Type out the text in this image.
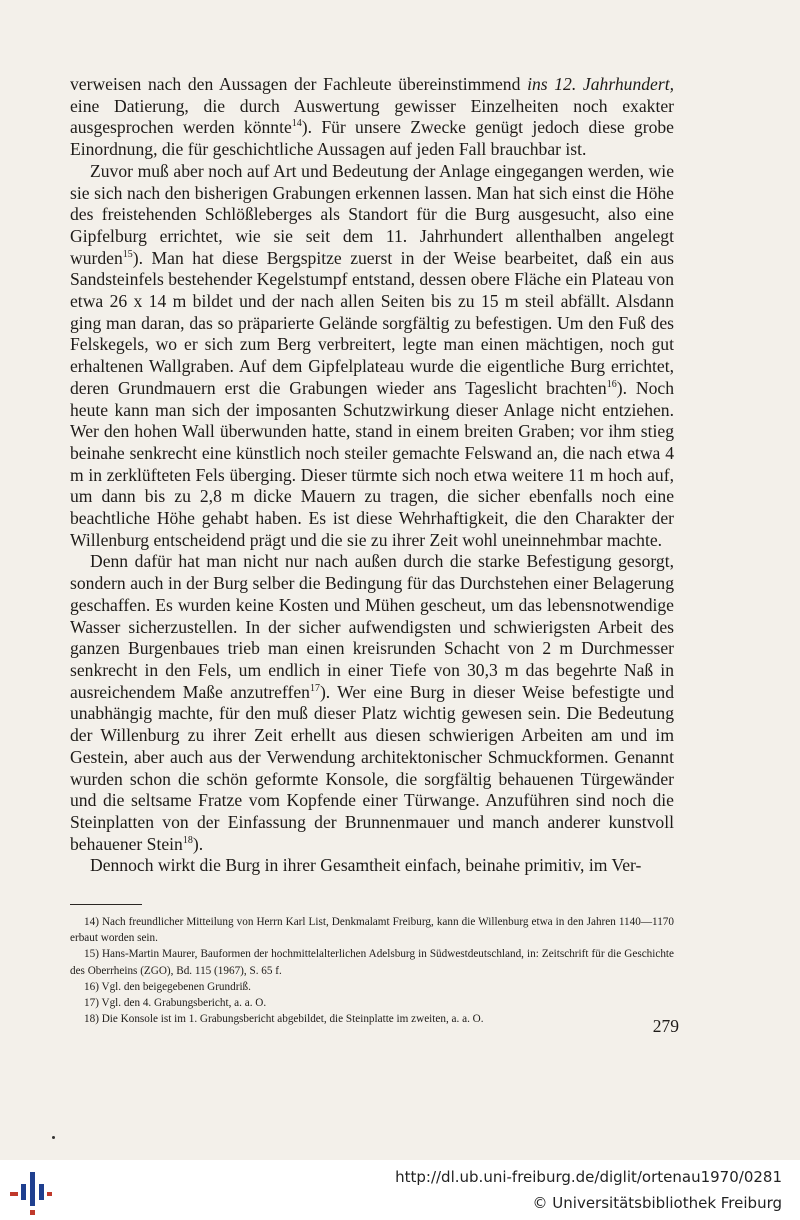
verweisen nach den Aussagen der Fachleute übereinstimmend ins 12. Jahrhundert, eine Datierung, die durch Auswertung gewisser Einzelheiten noch exakter ausgesprochen werden könnte$^{14}$). Für unsere Zwecke genügt jedoch diese grobe Einordnung, die für geschichtliche Aussagen auf jeden Fall brauchbar ist.

Zuvor muß aber noch auf Art und Bedeutung der Anlage eingegangen werden, wie sie sich nach den bisherigen Grabungen erkennen lassen. Man hat sich einst die Höhe des freistehenden Schlößleberges als Standort für die Burg ausgesucht, also eine Gipfelburg errichtet, wie sie seit dem 11. Jahrhundert allenthalben angelegt wurden$^{15}$). Man hat diese Bergspitze zuerst in der Weise bearbeitet, daß ein aus Sandsteinfels bestehender Kegelstumpf entstand, dessen obere Fläche ein Plateau von etwa 26 x 14 m bildet und der nach allen Seiten bis zu 15 m steil abfällt. Alsdann ging man daran, das so präparierte Gelände sorgfältig zu befestigen. Um den Fuß des Felskegels, wo er sich zum Berg verbreitert, legte man einen mächtigen, noch gut erhaltenen Wallgraben. Auf dem Gipfelplateau wurde die eigentliche Burg errichtet, deren Grundmauern erst die Grabungen wieder ans Tageslicht brachten$^{16}$). Noch heute kann man sich der imposanten Schutzwirkung dieser Anlage nicht entziehen. Wer den hohen Wall überwunden hatte, stand in einem breiten Graben; vor ihm stieg beinahe senkrecht eine künstlich noch steiler gemachte Felswand an, die nach etwa 4 m in zerklüfteten Fels überging. Dieser türmte sich noch etwa weitere 11 m hoch auf, um dann bis zu 2,8 m dicke Mauern zu tragen, die sicher ebenfalls noch eine beachtliche Höhe gehabt haben. Es ist diese Wehrhaftigkeit, die den Charakter der Willenburg entscheidend prägt und die sie zu ihrer Zeit wohl uneinnehmbar machte.

Denn dafür hat man nicht nur nach außen durch die starke Befestigung gesorgt, sondern auch in der Burg selber die Bedingung für das Durchstehen einer Belagerung geschaffen. Es wurden keine Kosten und Mühen gescheut, um das lebensnotwendige Wasser sicherzustellen. In der sicher aufwendigsten und schwierigsten Arbeit des ganzen Burgenbaues trieb man einen kreisrunden Schacht von 2 m Durchmesser senkrecht in den Fels, um endlich in einer Tiefe von 30,3 m das begehrte Naß in ausreichendem Maße anzutreffen$^{17}$). Wer eine Burg in dieser Weise befestigte und unabhängig machte, für den muß dieser Platz wichtig gewesen sein. Die Bedeutung der Willenburg zu ihrer Zeit erhellt aus diesen schwierigen Arbeiten am und im Gestein, aber auch aus der Verwendung architektonischer Schmuckformen. Genannt wurden schon die schön geformte Konsole, die sorgfältig behauenen Türgewänder und die seltsame Fratze vom Kopfende einer Türwange. Anzuführen sind noch die Steinplatten von der Einfassung der Brunnenmauer und manch anderer kunstvoll behauener Stein$^{18}$).

Dennoch wirkt die Burg in ihrer Gesamtheit einfach, beinahe primitiv, im Ver-

14) Nach freundlicher Mitteilung von Herrn Karl List, Denkmalamt Freiburg, kann die Willenburg etwa in den Jahren 1140—1170 erbaut worden sein.

15) Hans-Martin Maurer, Bauformen der hochmittelalterlichen Adelsburg in Südwestdeutschland, in: Zeitschrift für die Geschichte des Oberrheins (ZGO), Bd. 115 (1967), S. 65 f.

16) Vgl. den beigegebenen Grundriß.

17) Vgl. den 4. Grabungsbericht, a. a. O.

18) Die Konsole ist im 1. Grabungsbericht abgebildet, die Steinplatte im zweiten, a. a. O.	279
http://dl.ub.uni-freiburg.de/diglit/ortenau1970/0281
© Universitätsbibliothek Freiburg
